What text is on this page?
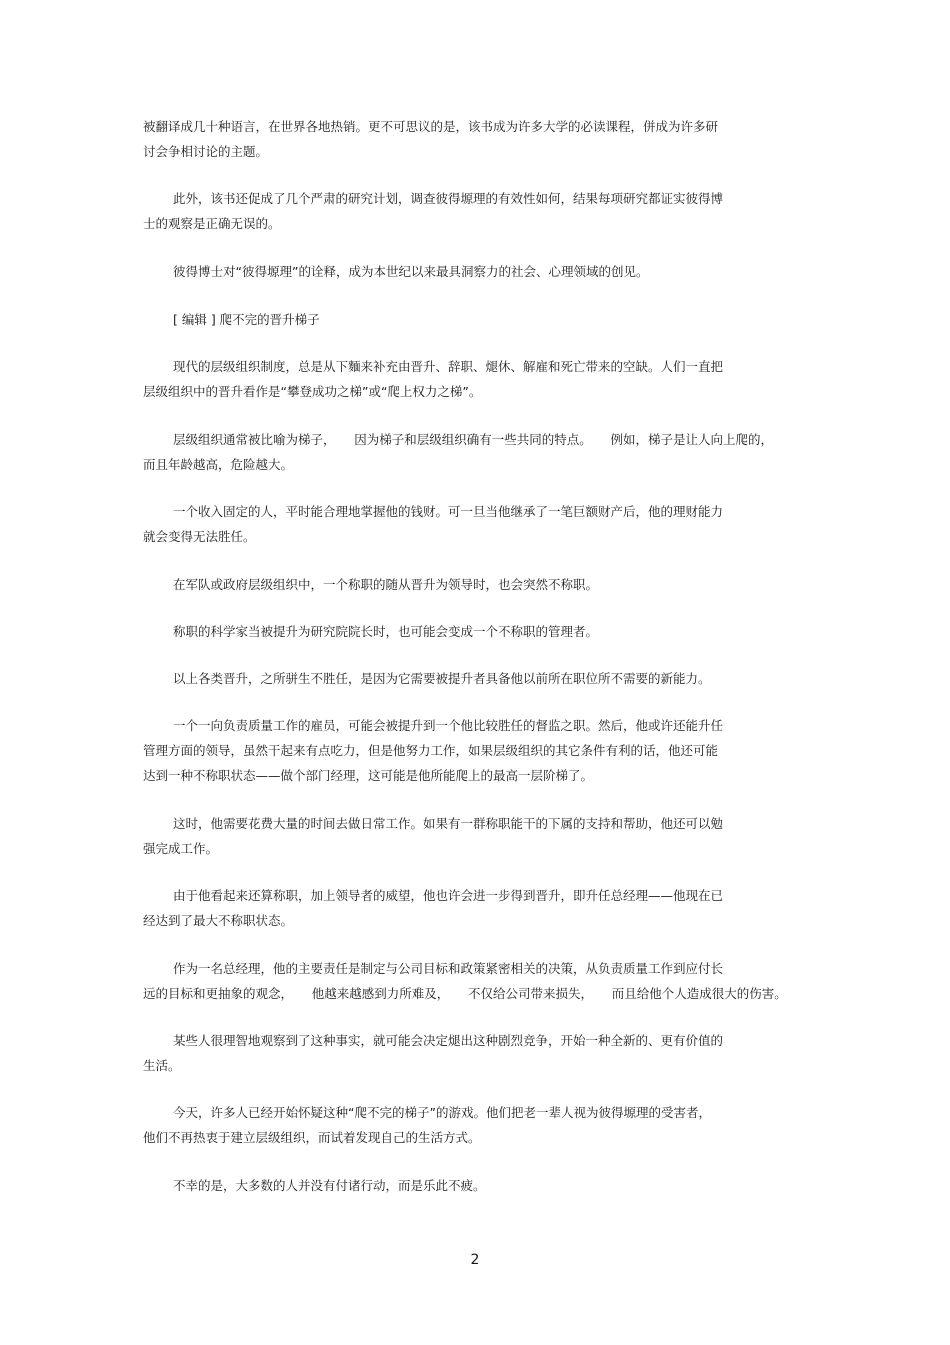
被翻译成几十种语言，在世界各地热销。更不可思议的是，该书成为许多大学的必读课程，併成为许多研
讨会争相讨论的主题。
此外，该书还促成了几个严肃的研究计划，调查彼得塬理的有效性如何，结果每项研究都证实彼得博
士的观察是正确无误的。
彼得博士对“彼得塬理”的诠释，成为本世纪以来最具洞察力的社会、心理领域的创见。
[ 编辑 ] 爬不完的晋升梯子
现代的层级组织制度，总是从下麵来补充由晋升、辞职、煺休、解雇和死亡带来的空缺。人们一直把
层级组织中的晋升看作是“攀登成功之梯”或“爬上权力之梯”。
层级组织通常被比喻为梯子，　　因为梯子和层级组织确有一些共同的特点。　　例如，梯子是让人向上爬的，
而且年龄越高，危险越大。
一个收入固定的人，平时能合理地掌握他的钱财。可一旦当他继承了一笔巨额财产后，他的理财能力
就会变得无法胜任。
在军队或政府层级组织中，一个称职的随从晋升为领导时，也会突然不称职。
称职的科学家当被提升为研究院院长时，也可能会变成一个不称职的管理者。
以上各类晋升，之所骈生不胜任，是因为它需要被提升者具备他以前所在职位所不需要的新能力。
一个一向负责质量工作的雇员，可能会被提升到一个他比较胜任的督监之职。然后，他或许还能升任
管理方面的领导，虽然干起来有点吃力，但是他努力工作，如果层级组织的其它条件有利的话，他还可能
达到一种不称职状态——做个部门经理，这可能是他所能爬上的最高一层阶梯了。
这时，他需要花费大量的时间去做日常工作。如果有一群称职能干的下属的支持和帮助，他还可以勉
强完成工作。
由于他看起来还算称职，加上领导者的威望，他也许会进一步得到晋升，即升任总经理——他现在已
经达到了最大不称职状态。
作为一名总经理，他的主要责任是制定与公司目标和政策紧密相关的决策，从负责质量工作到应付长
远的目标和更抽象的观念，　　他越来越感到力所难及，　　不仅给公司带来损失，　　而且给他个人造成很大的伤害。
某些人很理智地观察到了这种事实，就可能会决定煺出这种剧烈竞争，开始一种全新的、更有价值的
生活。
今天，许多人已经开始怀疑这种“爬不完的梯子”的游戏。他们把老一辈人视为彼得塬理的受害者，
他们不再热衷于建立层级组织，而试着发现自己的生活方式。
不幸的是，大多数的人并没有付诸行动，而是乐此不疲。
2
